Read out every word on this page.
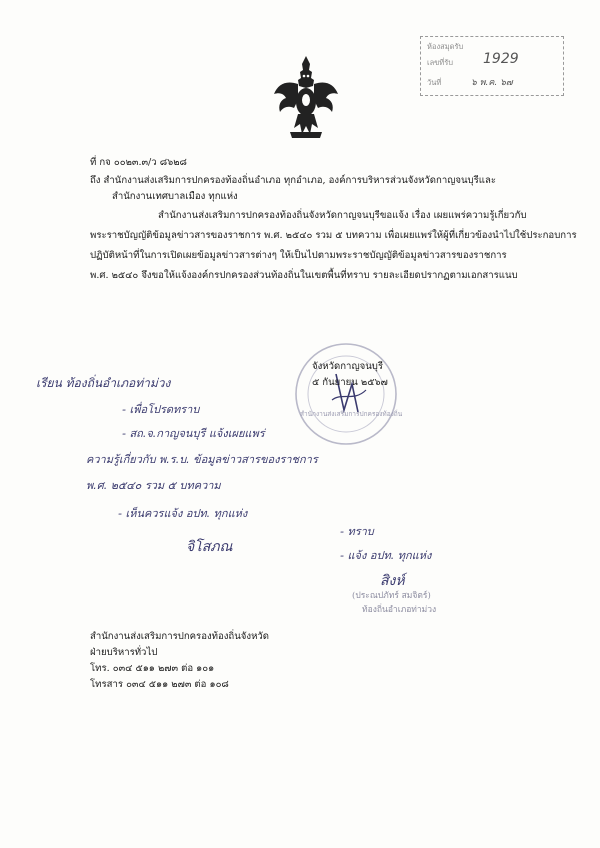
ห้องสมุดรับ
เลขที่รับ 1929
วันที่	๖ พ.ค. ๖๗
ที่ กจ ๐๐๒๓.๓/ว ๘๖๒๘
ถึง สำนักงานส่งเสริมการปกครองท้องถิ่นอำเภอ ทุกอำเภอ, องค์การบริหารส่วนจังหวัดกาญจนบุรีและ
สำนักงานเทศบาลเมือง ทุกแห่ง
สำนักงานส่งเสริมการปกครองท้องถิ่นจังหวัดกาญจนบุรีขอแจ้ง เรื่อง เผยแพร่ความรู้เกี่ยวกับ
พระราชบัญญัติข้อมูลข่าวสารของราชการ พ.ศ. ๒๕๔๐ รวม ๕ บทความ เพื่อเผยแพร่ให้ผู้ที่เกี่ยวข้องนำไปใช้ประกอบการ
ปฏิบัติหน้าที่ในการเปิดเผยข้อมูลข่าวสารต่างๆ ให้เป็นไปตามพระราชบัญญัติข้อมูลข่าวสารของราชการ
พ.ศ. ๒๕๔๐ จึงขอให้แจ้งองค์กรปกครองส่วนท้องถิ่นในเขตพื้นที่ทราบ รายละเอียดปรากฏตามเอกสารแนบ
จังหวัดกาญจนบุรี
๕ กันยายน ๒๕๖๗
สำนักงานส่งเสริมการปกครองท้องถิ่น
เรียน ท้องถิ่นอำเภอท่าม่วง
- เพื่อโปรดทราบ
- สถ.จ.กาญจนบุรี แจ้งเผยแพร่
ความรู้เกี่ยวกับ พ.ร.บ. ข้อมูลข่าวสารของราชการ
พ.ศ. ๒๕๔๐ รวม ๕ บทความ
- เห็นควรแจ้ง อปท. ทุกแห่ง
จิโสภณ
- ทราบ
- แจ้ง อปท. ทุกแห่ง
สิงห์
(ประณปภัทร์ สมจิตร์)
ท้องถิ่นอำเภอท่าม่วง
สำนักงานส่งเสริมการปกครองท้องถิ่นจังหวัด
ฝ่ายบริหารทั่วไป
โทร. ๐๓๔ ๕๑๑ ๒๗๓ ต่อ ๑๐๑
โทรสาร ๐๓๔ ๕๑๑ ๒๗๓ ต่อ ๑๐๘
